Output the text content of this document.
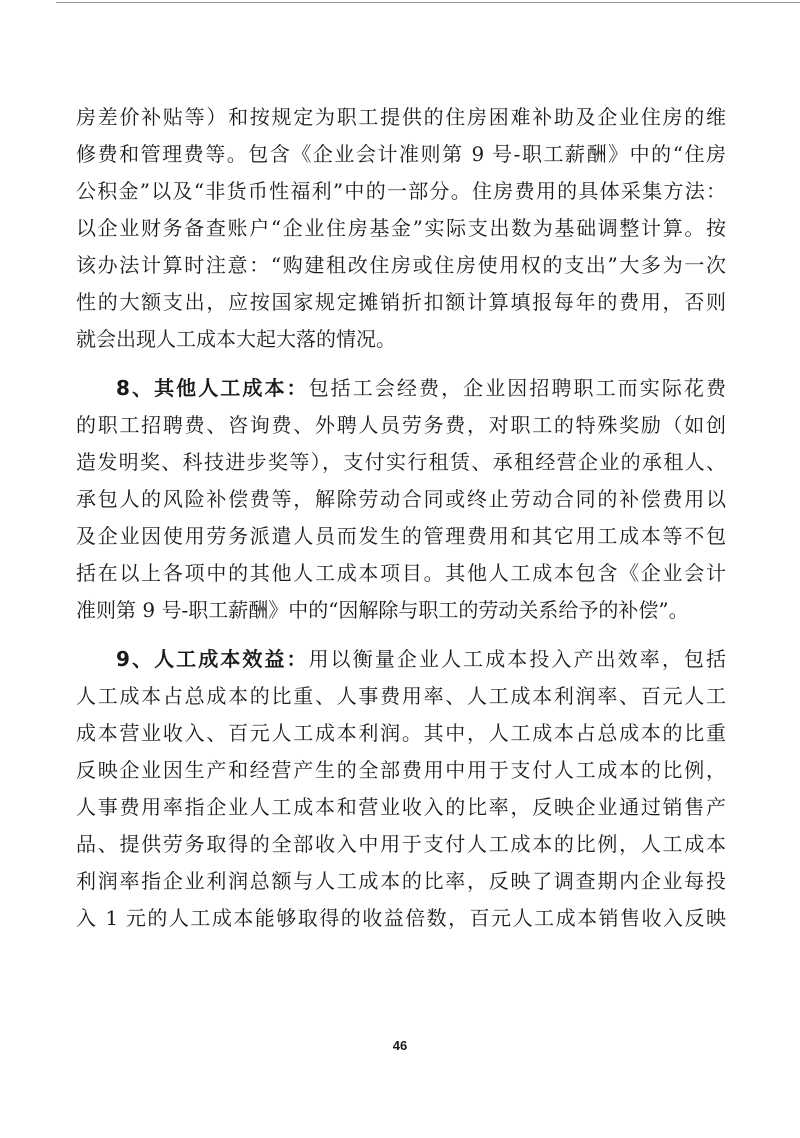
房差价补贴等）和按规定为职工提供的住房困难补助及企业住房的维
修费和管理费等。包含《企业会计准则第 9 号-职工薪酬》中的“住房
公积金”以及“非货币性福利”中的一部分。住房费用的具体采集方法：
以企业财务备查账户“企业住房基金”实际支出数为基础调整计算。按
该办法计算时注意：“购建租改住房或住房使用权的支出”大多为一次
性的大额支出，应按国家规定摊销折扣额计算填报每年的费用，否则
就会出现人工成本大起大落的情况。
8、其他人工成本：包括工会经费，企业因招聘职工而实际花费
的职工招聘费、咨询费、外聘人员劳务费，对职工的特殊奖励（如创
造发明奖、科技进步奖等），支付实行租赁、承租经营企业的承租人、
承包人的风险补偿费等，解除劳动合同或终止劳动合同的补偿费用以
及企业因使用劳务派遣人员而发生的管理费用和其它用工成本等不包
括在以上各项中的其他人工成本项目。其他人工成本包含《企业会计
准则第 9 号-职工薪酬》中的“因解除与职工的劳动关系给予的补偿”。
9、人工成本效益：用以衡量企业人工成本投入产出效率，包括
人工成本占总成本的比重、人事费用率、人工成本利润率、百元人工
成本营业收入、百元人工成本利润。其中，人工成本占总成本的比重
反映企业因生产和经营产生的全部费用中用于支付人工成本的比例，
人事费用率指企业人工成本和营业收入的比率，反映企业通过销售产
品、提供劳务取得的全部收入中用于支付人工成本的比例，人工成本
利润率指企业利润总额与人工成本的比率，反映了调查期内企业每投
入 1 元的人工成本能够取得的收益倍数，百元人工成本销售收入反映
46
